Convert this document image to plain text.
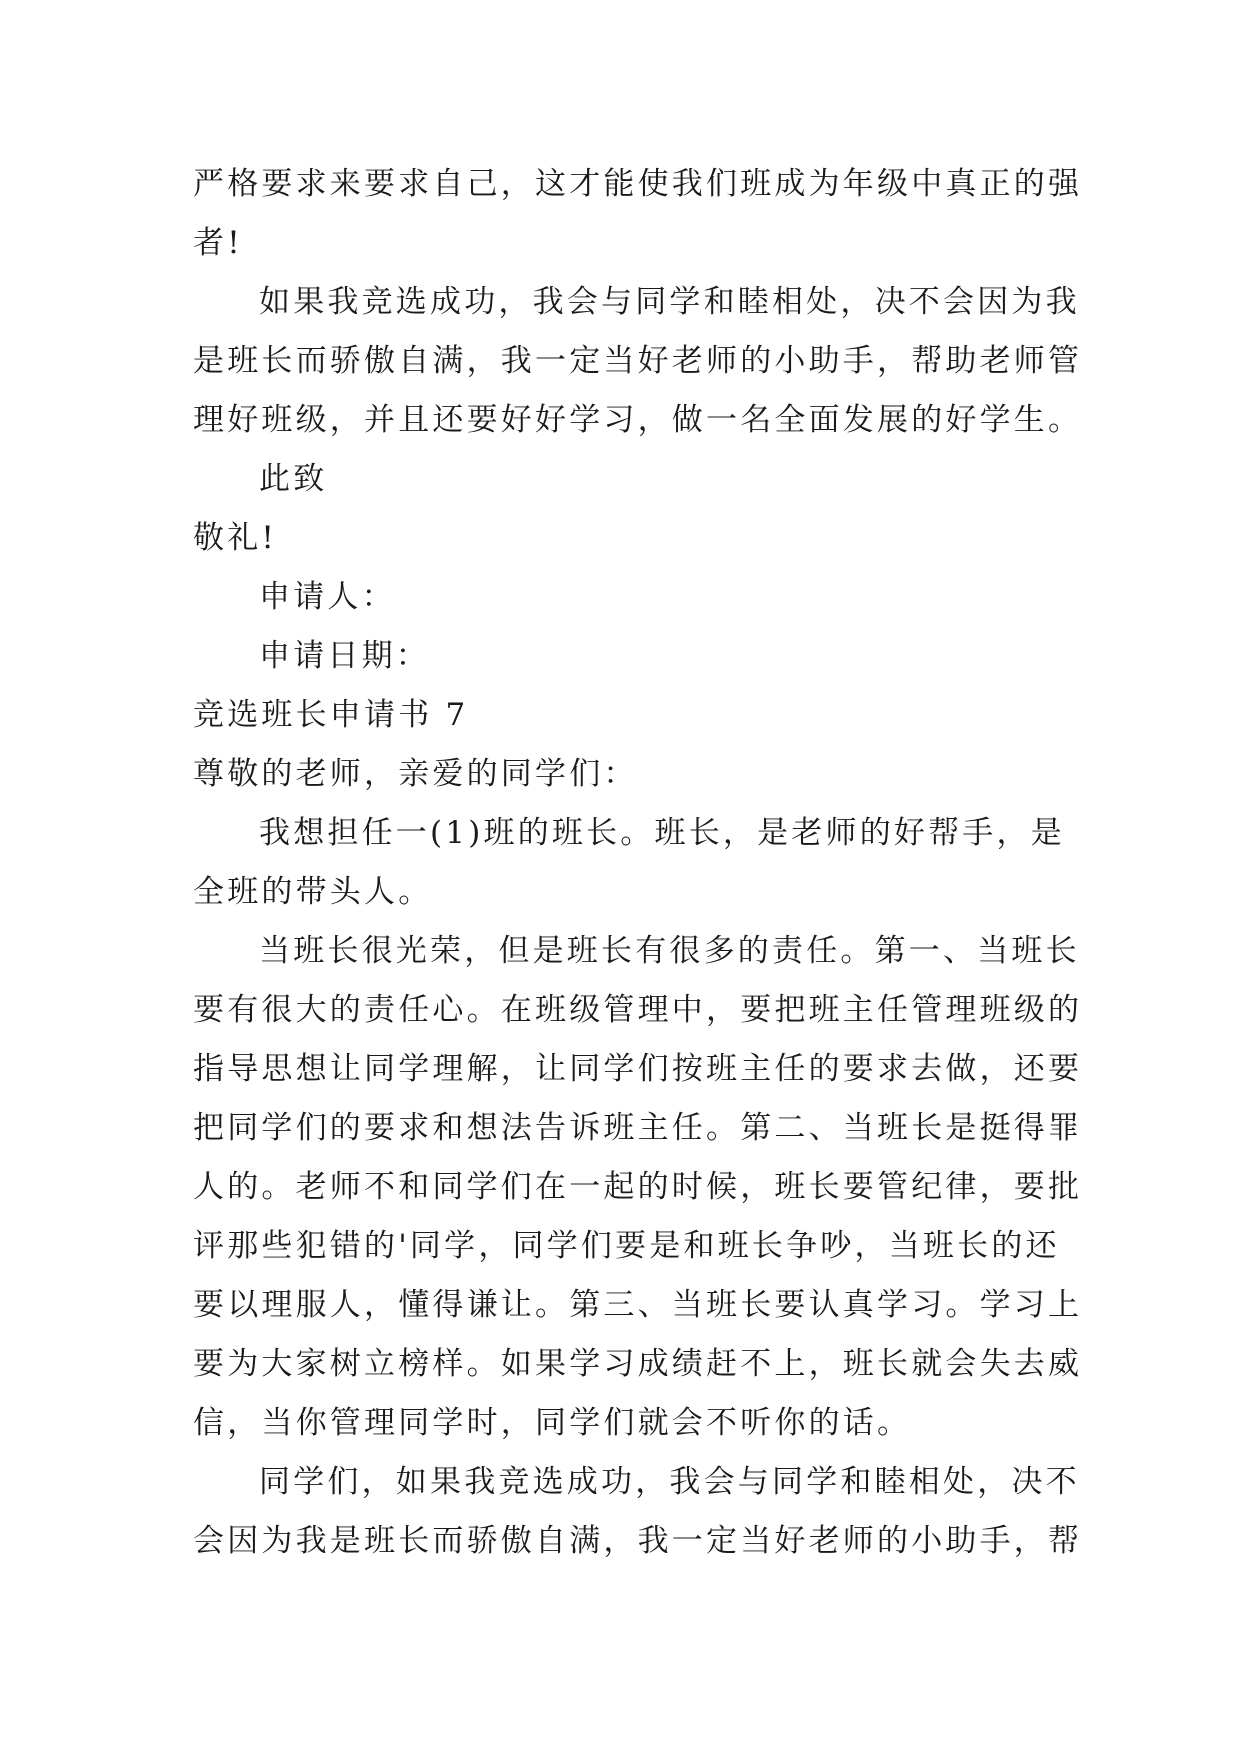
严格要求来要求自己，这才能使我们班成为年级中真正的强
者!
如果我竞选成功，我会与同学和睦相处，决不会因为我
是班长而骄傲自满，我一定当好老师的小助手，帮助老师管
理好班级，并且还要好好学习，做一名全面发展的好学生。
此致
敬礼!
申请人：
申请日期：
竞选班长申请书 7
尊敬的老师，亲爱的同学们：
我想担任一(1)班的班长。班长，是老师的好帮手，是
全班的带头人。
当班长很光荣，但是班长有很多的责任。第一、当班长
要有很大的责任心。在班级管理中，要把班主任管理班级的
指导思想让同学理解，让同学们按班主任的要求去做，还要
把同学们的要求和想法告诉班主任。第二、当班长是挺得罪
人的。老师不和同学们在一起的时候，班长要管纪律，要批
评那些犯错的'同学，同学们要是和班长争吵，当班长的还
要以理服人，懂得谦让。第三、当班长要认真学习。学习上
要为大家树立榜样。如果学习成绩赶不上，班长就会失去威
信，当你管理同学时，同学们就会不听你的话。
同学们，如果我竞选成功，我会与同学和睦相处，决不
会因为我是班长而骄傲自满，我一定当好老师的小助手，帮
